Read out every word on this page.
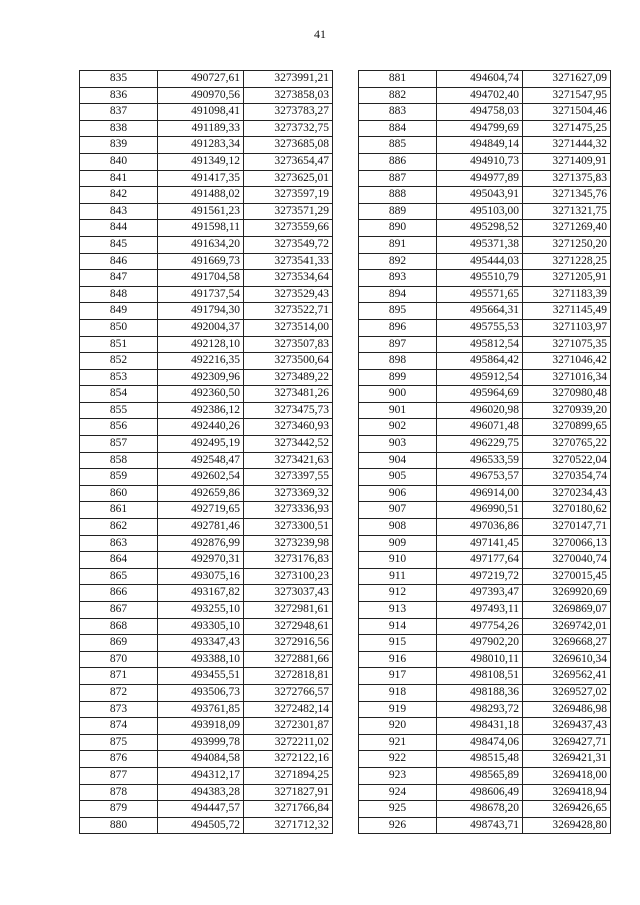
41
835	490727,61	3273991,21
836	490970,56	3273858,03
837	491098,41	3273783,27
838	491189,33	3273732,75
839	491283,34	3273685,08
840	491349,12	3273654,47
841	491417,35	3273625,01
842	491488,02	3273597,19
843	491561,23	3273571,29
844	491598,11	3273559,66
845	491634,20	3273549,72
846	491669,73	3273541,33
847	491704,58	3273534,64
848	491737,54	3273529,43
849	491794,30	3273522,71
850	492004,37	3273514,00
851	492128,10	3273507,83
852	492216,35	3273500,64
853	492309,96	3273489,22
854	492360,50	3273481,26
855	492386,12	3273475,73
856	492440,26	3273460,93
857	492495,19	3273442,52
858	492548,47	3273421,63
859	492602,54	3273397,55
860	492659,86	3273369,32
861	492719,65	3273336,93
862	492781,46	3273300,51
863	492876,99	3273239,98
864	492970,31	3273176,83
865	493075,16	3273100,23
866	493167,82	3273037,43
867	493255,10	3272981,61
868	493305,10	3272948,61
869	493347,43	3272916,56
870	493388,10	3272881,66
871	493455,51	3272818,81
872	493506,73	3272766,57
873	493761,85	3272482,14
874	493918,09	3272301,87
875	493999,78	3272211,02
876	494084,58	3272122,16
877	494312,17	3271894,25
878	494383,28	3271827,91
879	494447,57	3271766,84
880	494505,72	3271712,32
881	494604,74	3271627,09
882	494702,40	3271547,95
883	494758,03	3271504,46
884	494799,69	3271475,25
885	494849,14	3271444,32
886	494910,73	3271409,91
887	494977,89	3271375,83
888	495043,91	3271345,76
889	495103,00	3271321,75
890	495298,52	3271269,40
891	495371,38	3271250,20
892	495444,03	3271228,25
893	495510,79	3271205,91
894	495571,65	3271183,39
895	495664,31	3271145,49
896	495755,53	3271103,97
897	495812,54	3271075,35
898	495864,42	3271046,42
899	495912,54	3271016,34
900	495964,69	3270980,48
901	496020,98	3270939,20
902	496071,48	3270899,65
903	496229,75	3270765,22
904	496533,59	3270522,04
905	496753,57	3270354,74
906	496914,00	3270234,43
907	496990,51	3270180,62
908	497036,86	3270147,71
909	497141,45	3270066,13
910	497177,64	3270040,74
911	497219,72	3270015,45
912	497393,47	3269920,69
913	497493,11	3269869,07
914	497754,26	3269742,01
915	497902,20	3269668,27
916	498010,11	3269610,34
917	498108,51	3269562,41
918	498188,36	3269527,02
919	498293,72	3269486,98
920	498431,18	3269437,43
921	498474,06	3269427,71
922	498515,48	3269421,31
923	498565,89	3269418,00
924	498606,49	3269418,94
925	498678,20	3269426,65
926	498743,71	3269428,80
